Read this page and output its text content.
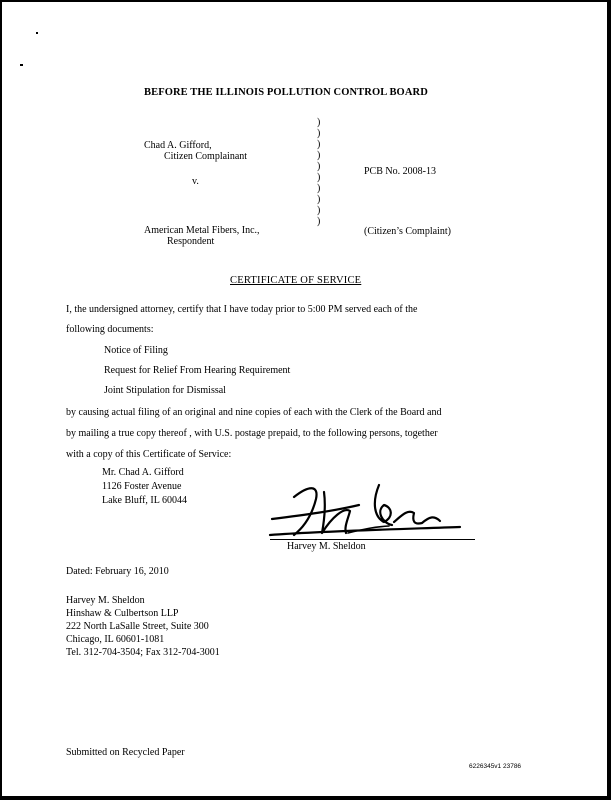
BEFORE THE ILLINOIS POLLUTION CONTROL BOARD
Chad A. Gifford,
Citizen Complainant
v.
American Metal Fibers, Inc.,
Respondent
)
)
)
)
)
)
)
)
)
)
PCB No. 2008-13
(Citizen’s Complaint)
CERTIFICATE OF SERVICE
I, the undersigned attorney, certify that I have today prior to 5:00 PM served each of the
following documents:
Notice of Filing
Request for Relief From Hearing Requirement
Joint Stipulation for Dismissal
by causing actual filing of an original and nine copies of each with the Clerk of the Board and
by mailing a true copy thereof , with U.S. postage prepaid, to the following persons, together
with a copy of this Certificate of Service:
Mr. Chad A. Gifford
1126 Foster Avenue
Lake Bluff, IL 60044
Harvey M. Sheldon
Dated: February 16, 2010
Harvey M. Sheldon
Hinshaw & Culbertson LLP
222 North LaSalle Street, Suite 300
Chicago, IL 60601-1081
Tel. 312-704-3504; Fax 312-704-3001
Submitted on Recycled Paper
6226345v1 23786
